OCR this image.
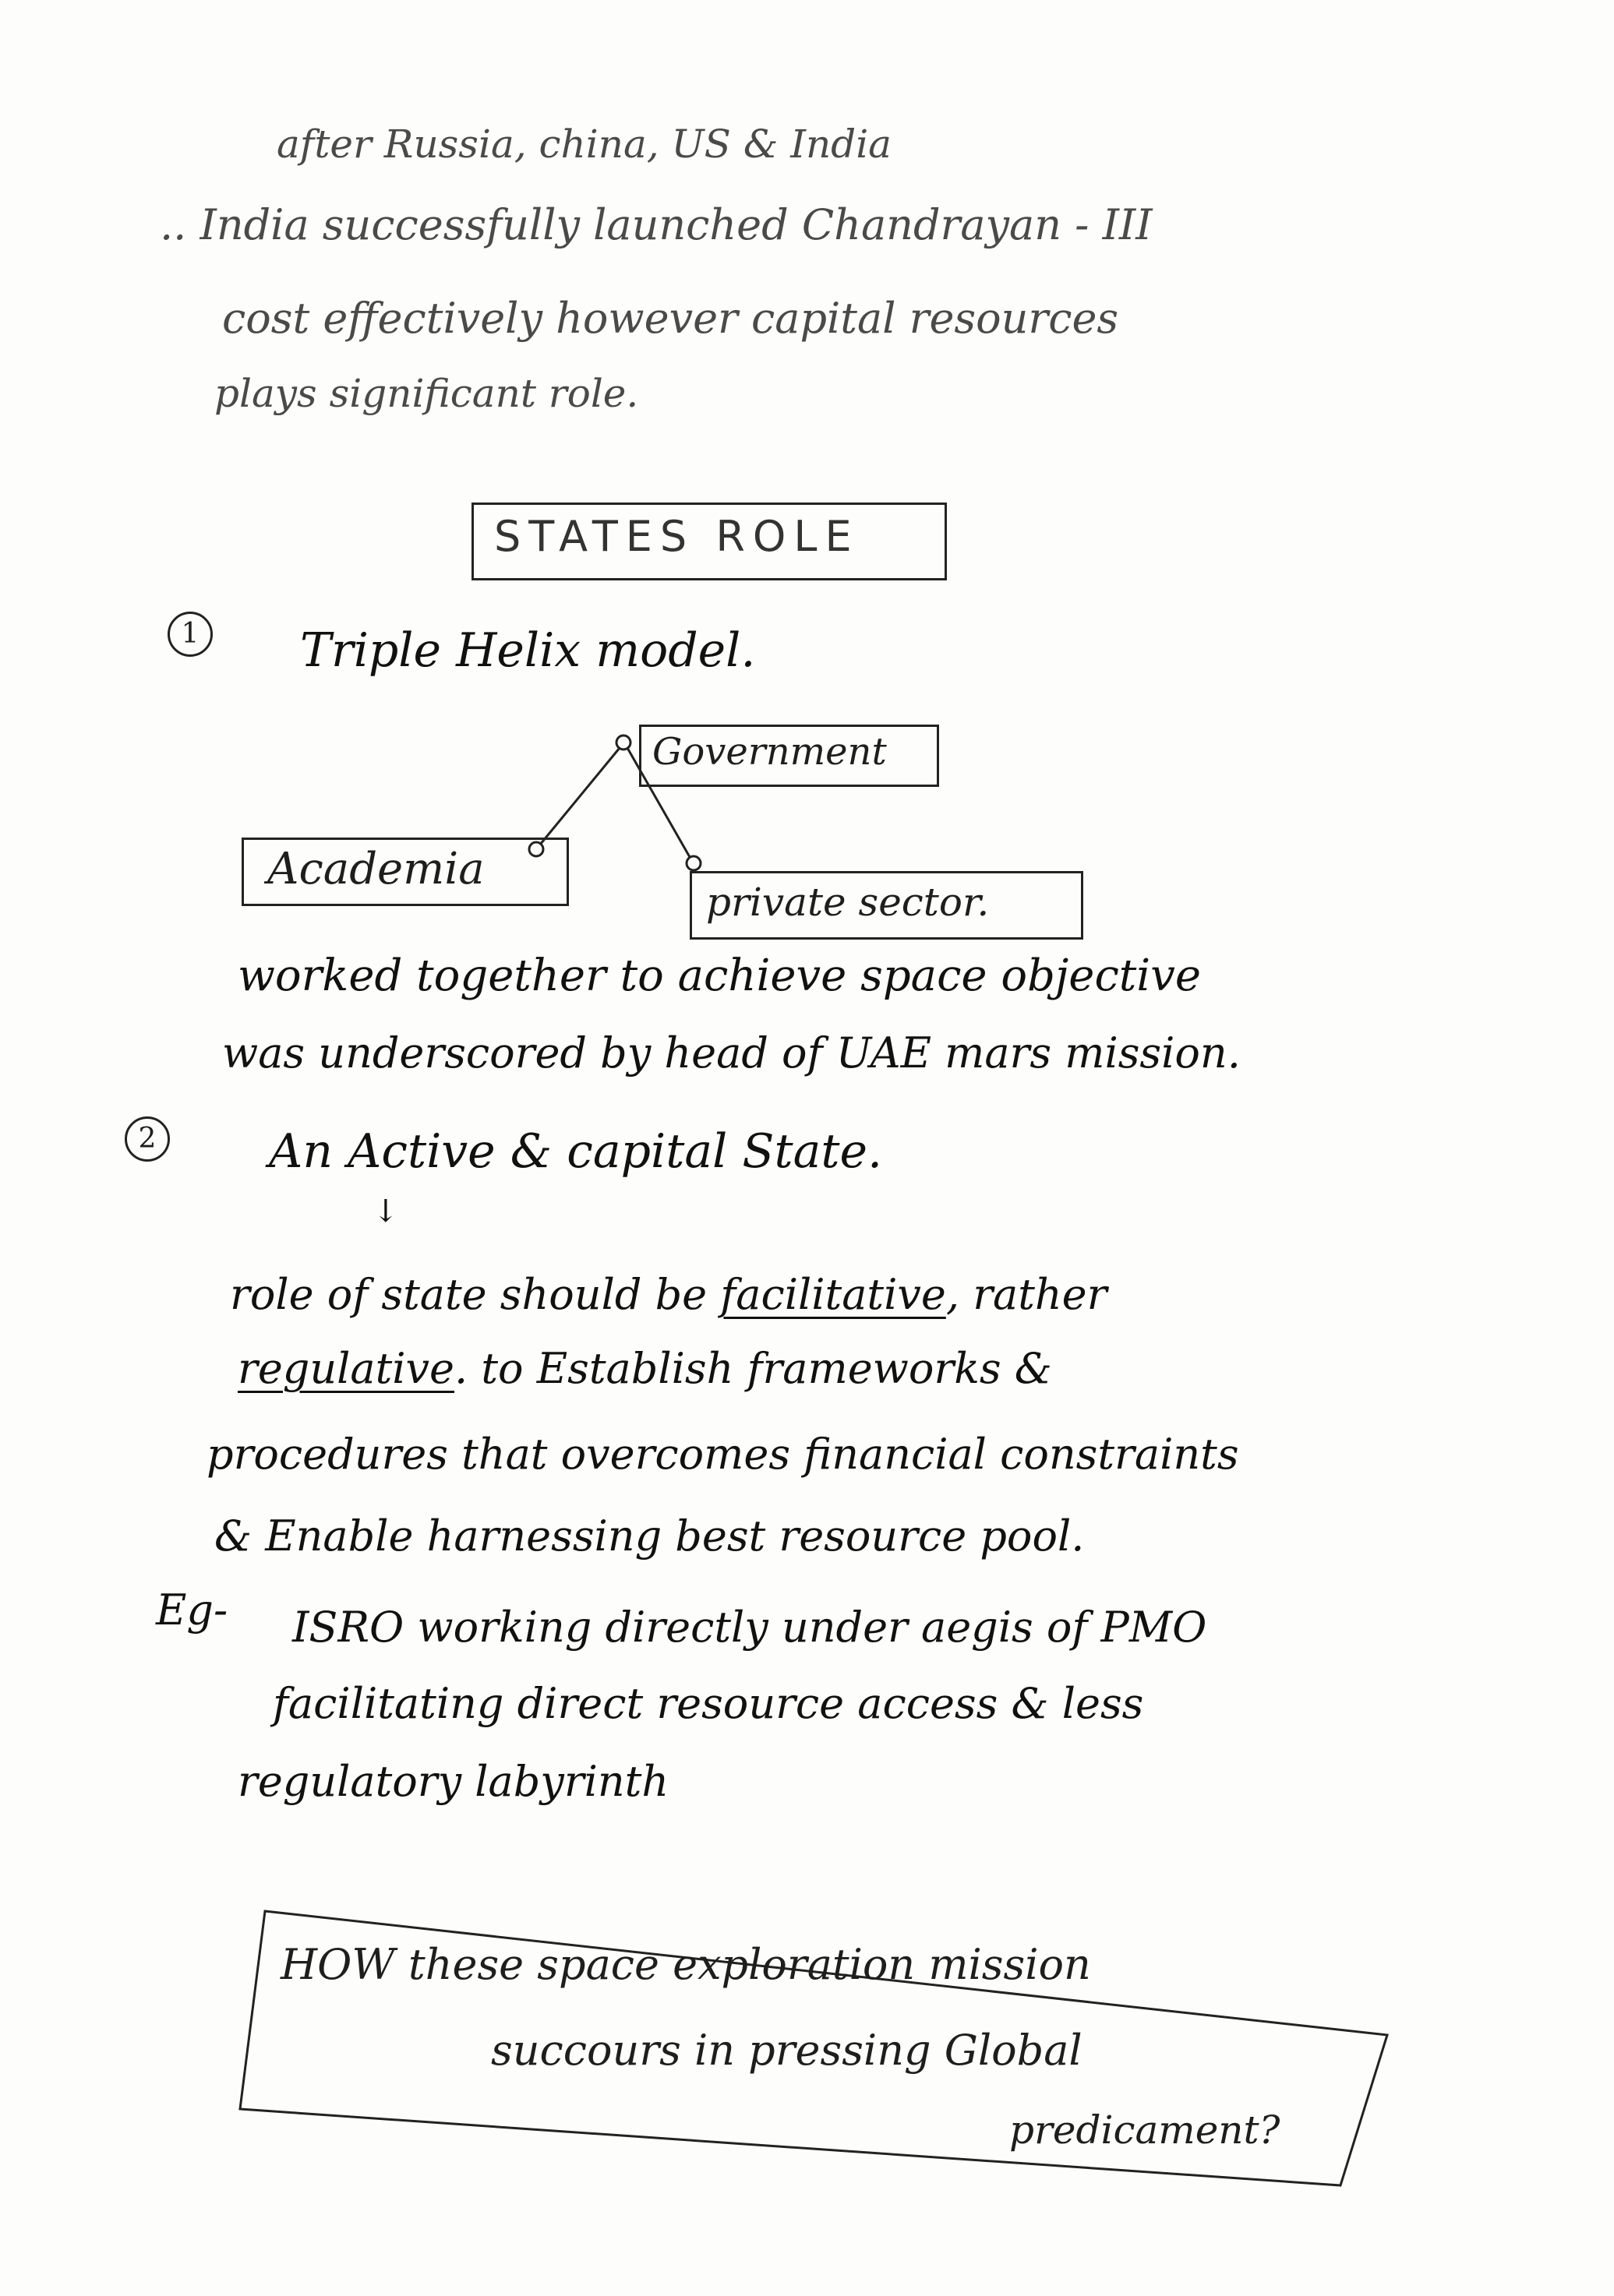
after Russia, china, US & India
.. India successfully launched Chandrayan - III
cost effectively however capital resources
plays significant role.
STATES ROLE
1 Triple Helix model.
Government
Academia
private sector.
worked together to achieve space objective
was underscored by head of UAE mars mission.
2 An Active & capital State.
↓
role of state should be facilitative, rather
regulative. to Establish frameworks &
procedures that overcomes financial constraints
& Enable harnessing best resource pool.
Eg- ISRO working directly under aegis of PMO
facilitating direct resource access & less
regulatory labyrinth
HOW these space exploration mission
succours in pressing Global
predicament?
